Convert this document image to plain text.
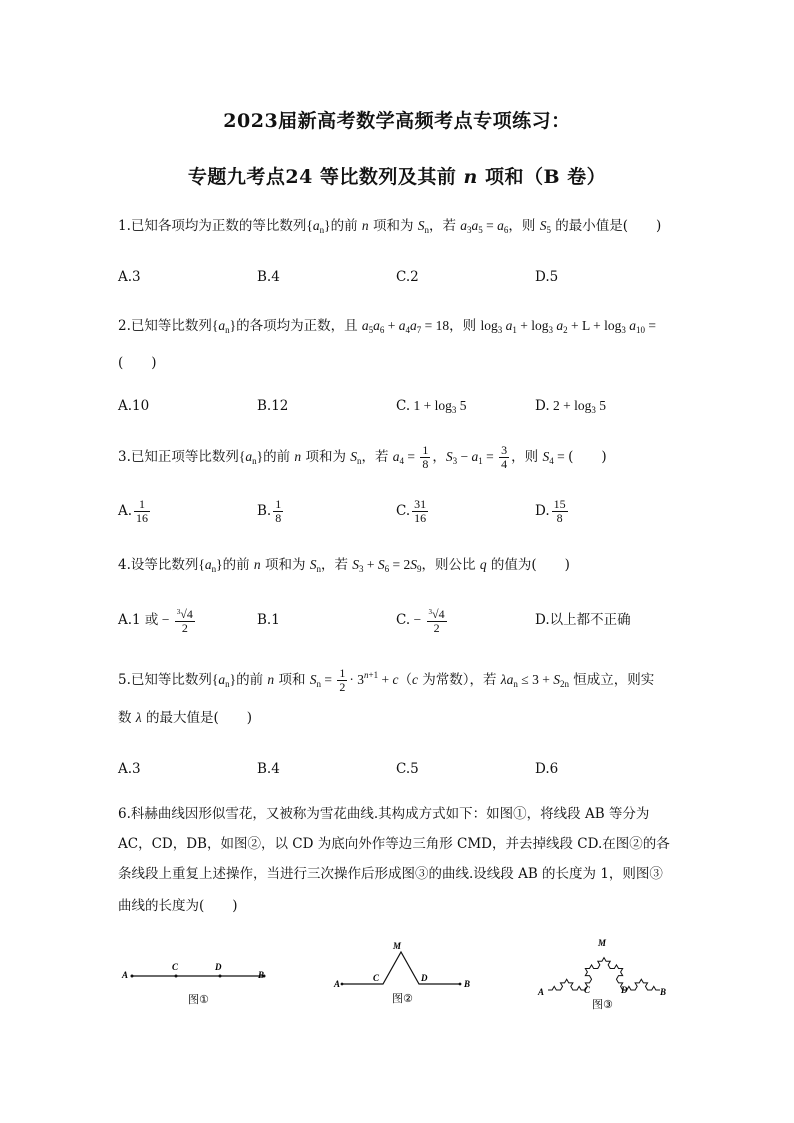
2023届新高考数学高频考点专项练习：
专题九考点24 等比数列及其前 n 项和（B 卷）
1.已知各项均为正数的等比数列$\{a_n\}$的前 n 项和为 $S_n$，若 $a_3a_5 = a_6$，则 $S_5$ 的最小值是( )
A.3	B.4	C.2	D.5
2.已知等比数列$\{a_n\}$的各项均为正数，且 $a_5a_6 + a_4a_7 = 18$，则 $\log_3 a_1 + \log_3 a_2 + L + \log_3 a_{10}$ =
( )
A.10	B.12	C. $1 + \log_3 5$	D. $2 + \log_3 5$
3.已知正项等比数列$\{a_n\}$的前 n 项和为 $S_n$，若 $a_4 = \frac{1}{8}$ ，$S_3 - a_1 = \frac{3}{4}$ ，则 $S_4$ = ( )
A. $\frac{1}{16}$	B. $\frac{1}{8}$	C. $\frac{31}{16}$	D. $\frac{15}{8}$
4.设等比数列$\{a_n\}$的前 n 项和为 $S_n$，若 $S_3 + S_6 = 2S_9$，则公比 q 的值为( )
A.1 或 − $\frac{^3√4}{2}$	B.1	C. − $\frac{^3√4}{2}$	D.以上都不正确
5.已知等比数列$\{a_n\}$的前 n 项和 $S_n = \frac{1}{2} \cdot 3^{n+1} + c(c$ 为常数），若 $\lambda a_n \le 3 + S_{2n}$ 恒成立，则实
数 λ 的最大值是( )
A.3	B.4	C.5	D.6
6.科赫曲线因形似雪花，又被称为雪花曲线.其构成方式如下：如图①，将线段 AB 等分为
AC，CD，DB，如图②，以 CD 为底向外作等边三角形 CMD，并去掉线段 CD.在图②的各
条线段上重复上述操作，当进行三次操作后形成图③的曲线.设线段 AB 的长度为 1，则图③
曲线的长度为( )
A
C	D
B
图①
A
C
M
D
B
图②	A	C
M
D	B
图③
